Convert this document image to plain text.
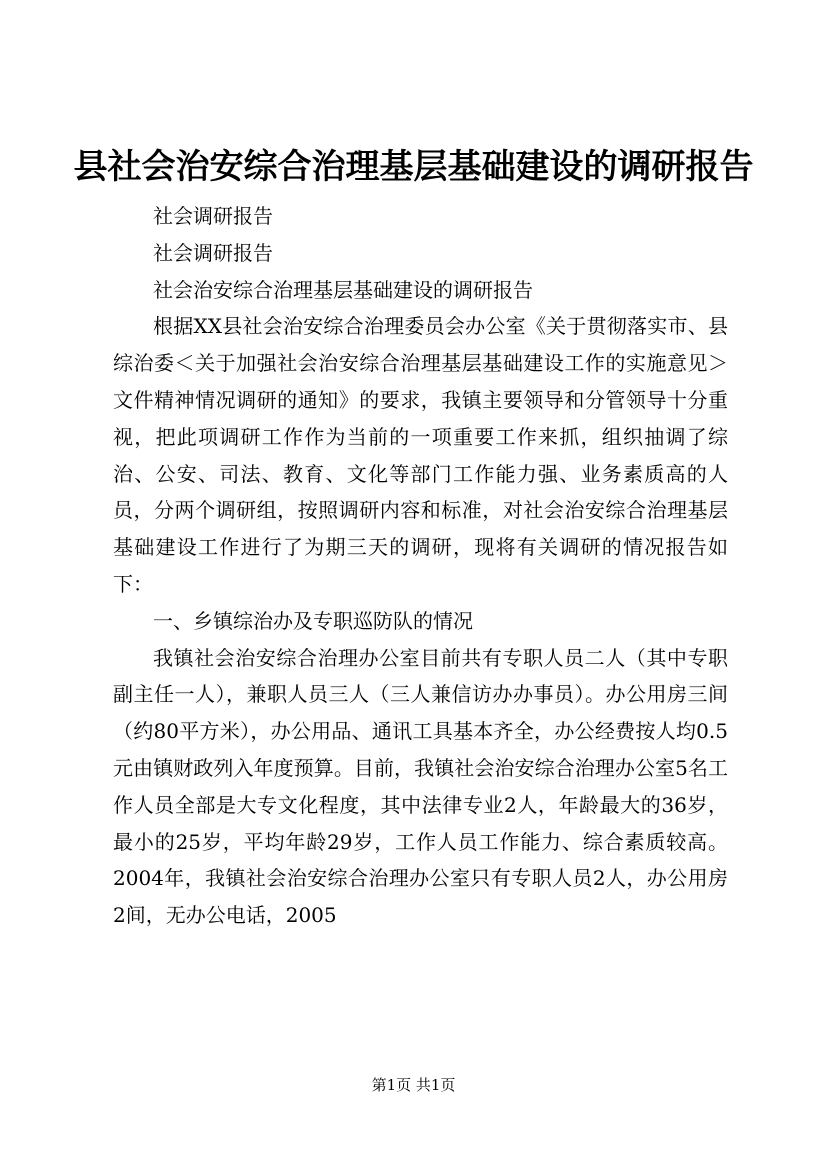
县社会治安综合治理基层基础建设的调研报告

社会调研报告

社会调研报告

社会治安综合治理基层基础建设的调研报告

根据XX县社会治安综合治理委员会办公室《关于贯彻落实市、县综治委＜关于加强社会治安综合治理基层基础建设工作的实施意见＞文件精神情况调研的通知》的要求，我镇主要领导和分管领导十分重视，把此项调研工作作为当前的一项重要工作来抓，组织抽调了综治、公安、司法、教育、文化等部门工作能力强、业务素质高的人员，分两个调研组，按照调研内容和标准，对社会治安综合治理基层基础建设工作进行了为期三天的调研，现将有关调研的情况报告如下：

一、乡镇综治办及专职巡防队的情况

我镇社会治安综合治理办公室目前共有专职人员二人（其中专职副主任一人），兼职人员三人（三人兼信访办办事员）。办公用房三间（约80平方米），办公用品、通讯工具基本齐全，办公经费按人均0.5元由镇财政列入年度预算。目前，我镇社会治安综合治理办公室5名工作人员全部是大专文化程度，其中法律专业2人，年龄最大的36岁，最小的25岁，平均年龄29岁，工作人员工作能力、综合素质较高。2004年，我镇社会治安综合治理办公室只有专职人员2人，办公用房2间，无办公电话，2005

第1页 共1页
